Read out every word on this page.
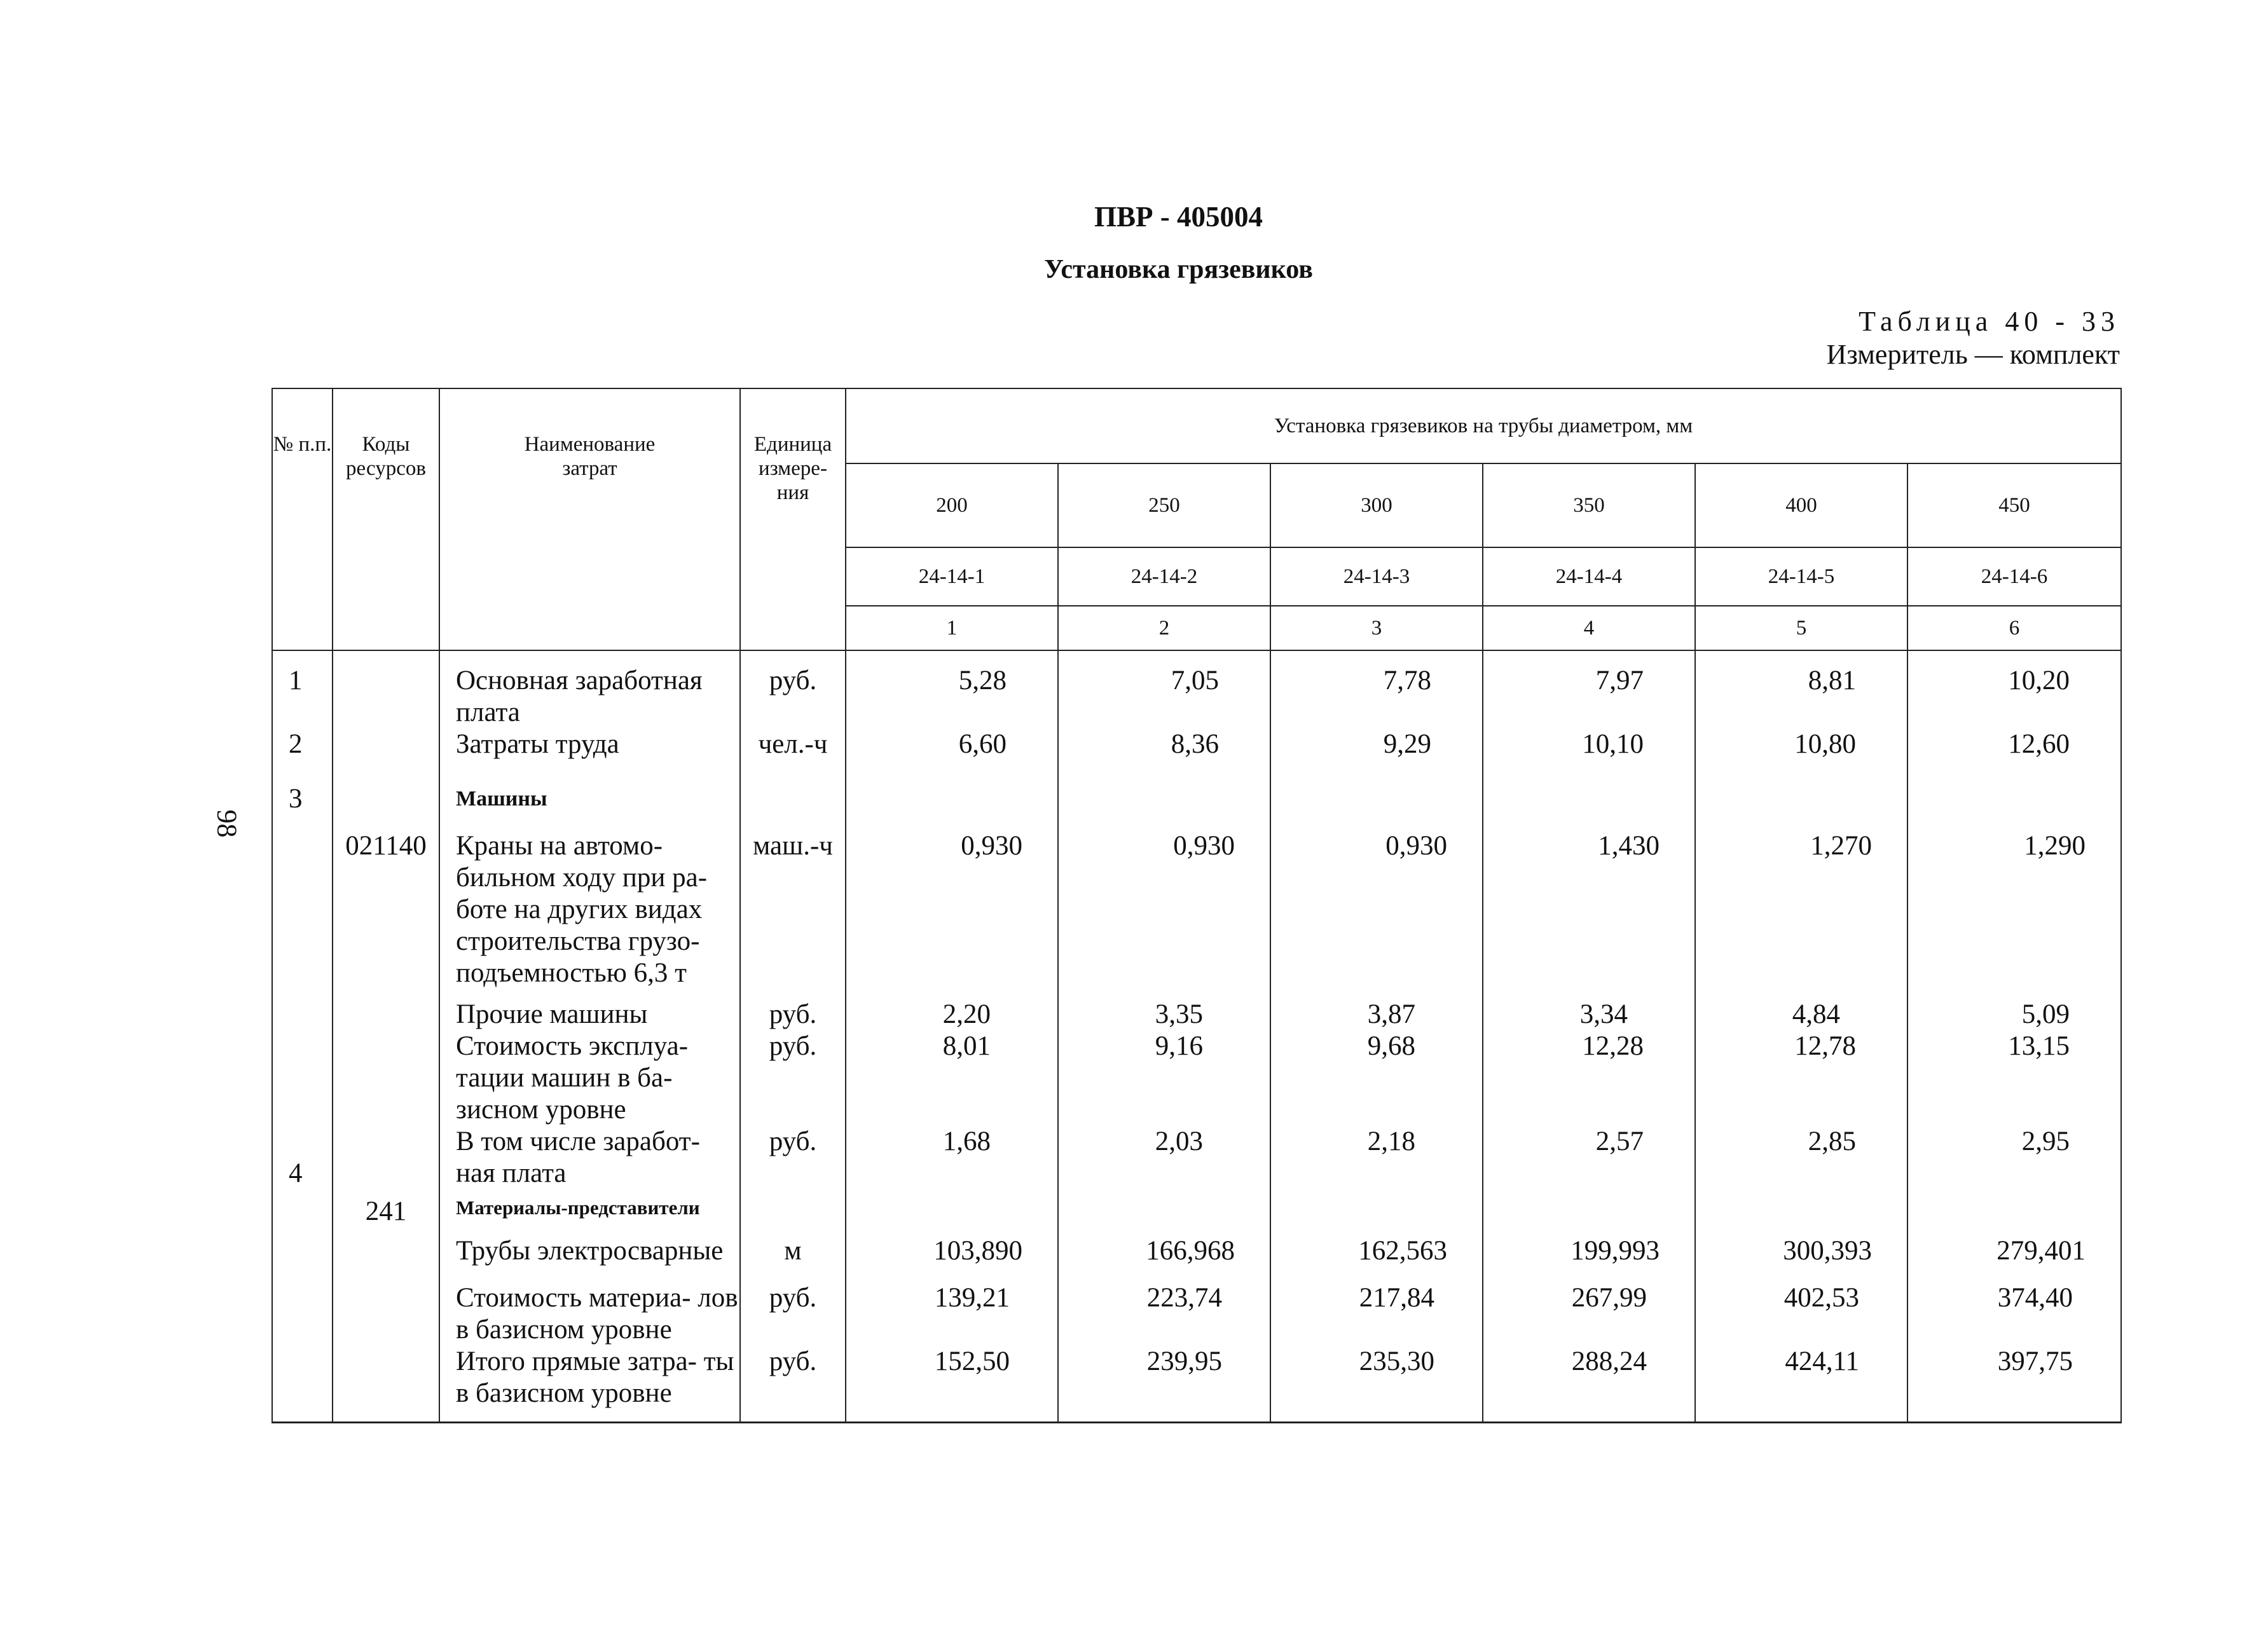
98
ПВР - 405004
Установка грязевиков
Таблица 40 - 33
Измеритель — комплект
№ п.п.	Коды ресурсов	Наименование затрат	Единица измере- ния	Установка грязевиков на трубы диаметром, мм					
				200	250	300	350	400	450
				24-14-1	24-14-2	24-14-3	24-14-4	24-14-5	24-14-6
				1	2	3	4	5	6
1		Основная заработная плата	руб.	5,28	7,05	7,78	7,97	8,81	10,20
2		Затраты труда	чел.-ч	6,60	8,36	9,29	10,10	10,80	12,60
3		Машины							
	021140	Краны на автомо- бильном ходу при ра- боте на других видах строительства грузо- подъемностью 6,3 т	маш.-ч	0,930	0,930	0,930	1,430	1,270	1,290
		Прочие машины	руб.	2,20	3,35	3,87	3,34	4,84	5,09
		Стоимость эксплуа- тации машин в ба- зисном уровне	руб.	8,01	9,16	9,68	12,28	12,78	13,15
4		В том числе заработ- ная плата	руб.	1,68	2,03	2,18	2,57	2,85	2,95
	241	Материалы-представители							
		Трубы электросварные	м	103,890	166,968	162,563	199,993	300,393	279,401
		Стоимость материа- лов в базисном уровне	руб.	139,21	223,74	217,84	267,99	402,53	374,40
		Итого прямые затра- ты в базисном уровне	руб.	152,50	239,95	235,30	288,24	424,11	397,75
